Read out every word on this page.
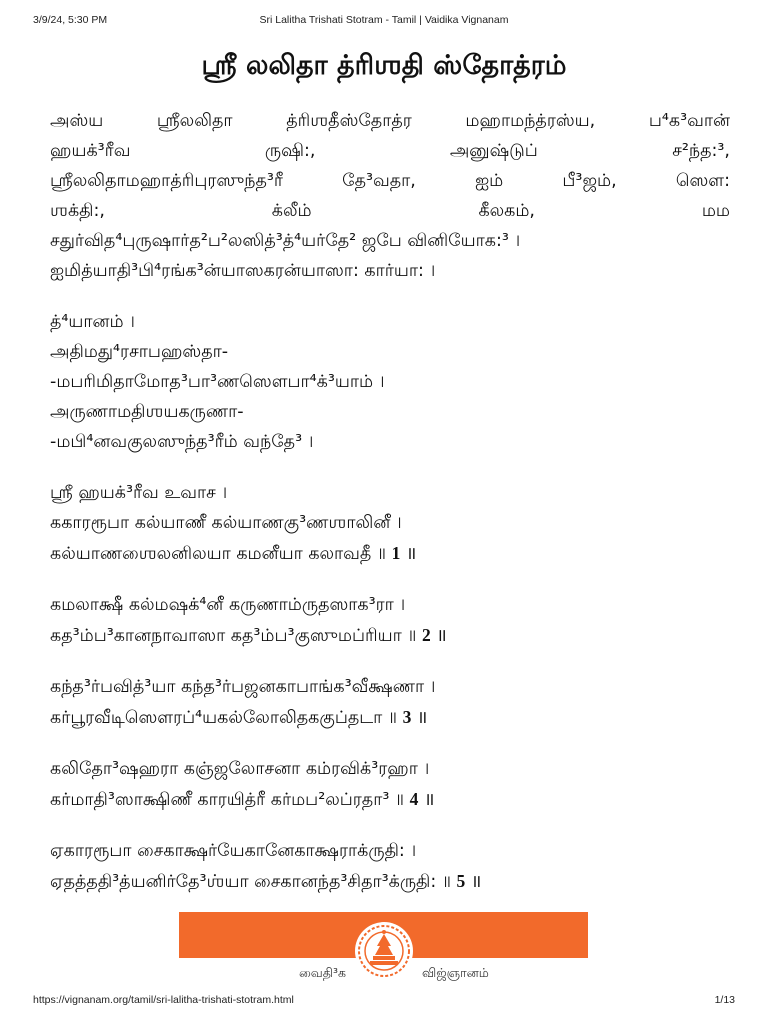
3/9/24, 5:30 PM	Sri Lalitha Trishati Stotram - Tamil | Vaidika Vignanam
ஶ்ரீ லலிதா த்ரிஶதி ஸ்தோத்ரம்

அஸ்ய ஶ்ரீலலிதா த்ரிஶதீஸ்தோத்ர மஹாமந்த்ரஸ்ய, ப⁴க³வான்

ஹயக்³ரீவ ருஷி:, அனுஷ்டுப் ச²ந்த:³,

ஶ்ரீலலிதாமஹாத்ரிபுரஸுந்த³ரீ தே³வதா, ஐம் பீ³ஜம், ஸௌ:

ஶக்தி:, க்லீம் கீலகம், மம

சதுர்வித⁴புருஷார்த²ப²லஸித்³த்⁴யர்தே² ஜபே வினியோக:³ ।

ஐமித்யாதி³பி⁴ரங்க³ன்யாஸகரன்யாஸா: கார்யா: ।

த்⁴யானம் ।

அதிமது⁴ரசாபஹஸ்தா-

-மபரிமிதாமோத³பா³ணஸௌபா⁴க்³யாம் ।

அருணாமதிஶயகருணா-

-மபி⁴னவகுலஸுந்த³ரீம் வந்தே³ ।

ஶ்ரீ ஹயக்³ரீவ உவாச ।

ககாரரூபா கல்யாணீ கல்யாணகு³ணஶாலினீ ।

கல்யாணஶைலனிலயா கமனீயா கலாவதீ ॥ 1 ॥

கமலாக்ஷீ கல்மஷக்⁴னீ கருணாம்ருதஸாக³ரா ।

கத³ம்ப³கானநாவாஸா கத³ம்ப³குஸுமப்ரியா ॥ 2 ॥

கந்த³ர்பவித்³யா கந்த³ர்பஜனகாபாங்க³வீக்ஷணா ।

கர்பூரவீடிஸௌரப்⁴யகல்லோலிதககுப்தடா ॥ 3 ॥

கலிதோ³ஷஹரா கஞ்ஜலோசனா கம்ரவிக்³ரஹா ।

கர்மாதி³ஸாக்ஷிணீ காரயித்ரீ கர்மப²லப்ரதா³ ॥ 4 ॥

ஏகாரரூபா சைகாக்ஷர்யேகானேகாக்ஷராக்ருதி: ।

ஏதத்ததி³த்யனிர்தே³ஶ்யா சைகானந்த³சிதா³க்ருதி: ॥ 5 ॥

வைதி³க	விஜ்ஞானம்
https://vignanam.org/tamil/sri-lalitha-trishati-stotram.html	1/13
